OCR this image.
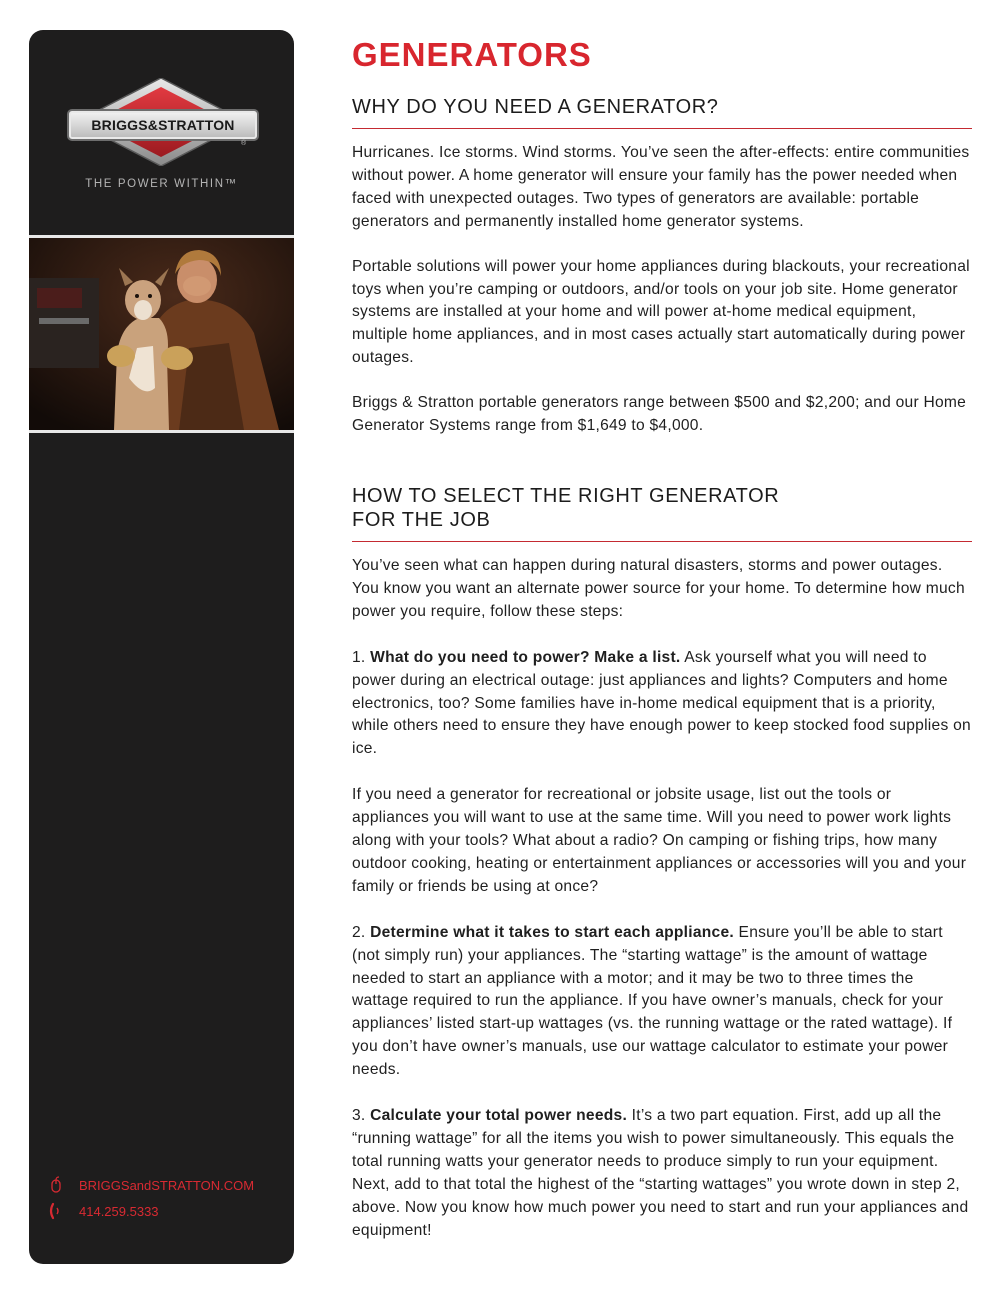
BRIGGS&STRATTON
®
THE POWER WITHIN™
BRIGGSandSTRATTON.COM
414.259.5333
GENERATORS
WHY DO YOU NEED A GENERATOR?

Hurricanes. Ice storms. Wind storms. You’ve seen the after-effects: entire communities without power. A home generator will ensure your family has the power needed when faced with unexpected outages. Two types of generators are available: portable generators and permanently installed home generator systems.

Portable solutions will power your home appliances during blackouts, your recreational toys when you’re camping or outdoors, and/or tools on your job site. Home generator systems are installed at your home and will power at-home medical equipment, multiple home appliances, and in most cases actually start automatically during power outages.

Briggs & Stratton portable generators range between $500 and $2,200; and our Home Generator Systems range from $1,649 to $4,000.

HOW TO SELECT THE RIGHT GENERATOR
FOR THE JOB

You’ve seen what can happen during natural disasters, storms and power outages. You know you want an alternate power source for your home. To determine how much power you require, follow these steps:

1. What do you need to power? Make a list. Ask yourself what you will need to power during an electrical outage: just appliances and lights? Computers and home electronics, too? Some families have in-home medical equipment that is a priority, while others need to ensure they have enough power to keep stocked food supplies on ice.

If you need a generator for recreational or jobsite usage, list out the tools or appliances you will want to use at the same time. Will you need to power work lights along with your tools? What about a radio? On camping or fishing trips, how many outdoor cooking, heating or entertainment appliances or accessories will you and your family or friends be using at once?

2. Determine what it takes to start each appliance. Ensure you’ll be able to start (not simply run) your appliances. The “starting wattage” is the amount of wattage needed to start an appliance with a motor; and it may be two to three times the wattage required to run the appliance. If you have owner’s manuals, check for your appliances’ listed start-up wattages (vs. the running wattage or the rated wattage). If you don’t have owner’s manuals, use our wattage calculator to estimate your power needs.

3. Calculate your total power needs. It’s a two part equation. First, add up all the “running wattage” for all the items you wish to power simultaneously. This equals the total running watts your generator needs to produce simply to run your equipment. Next, add to that total the highest of the “starting wattages” you wrote down in step 2, above. Now you know how much power you need to start and run your appliances and equipment!
